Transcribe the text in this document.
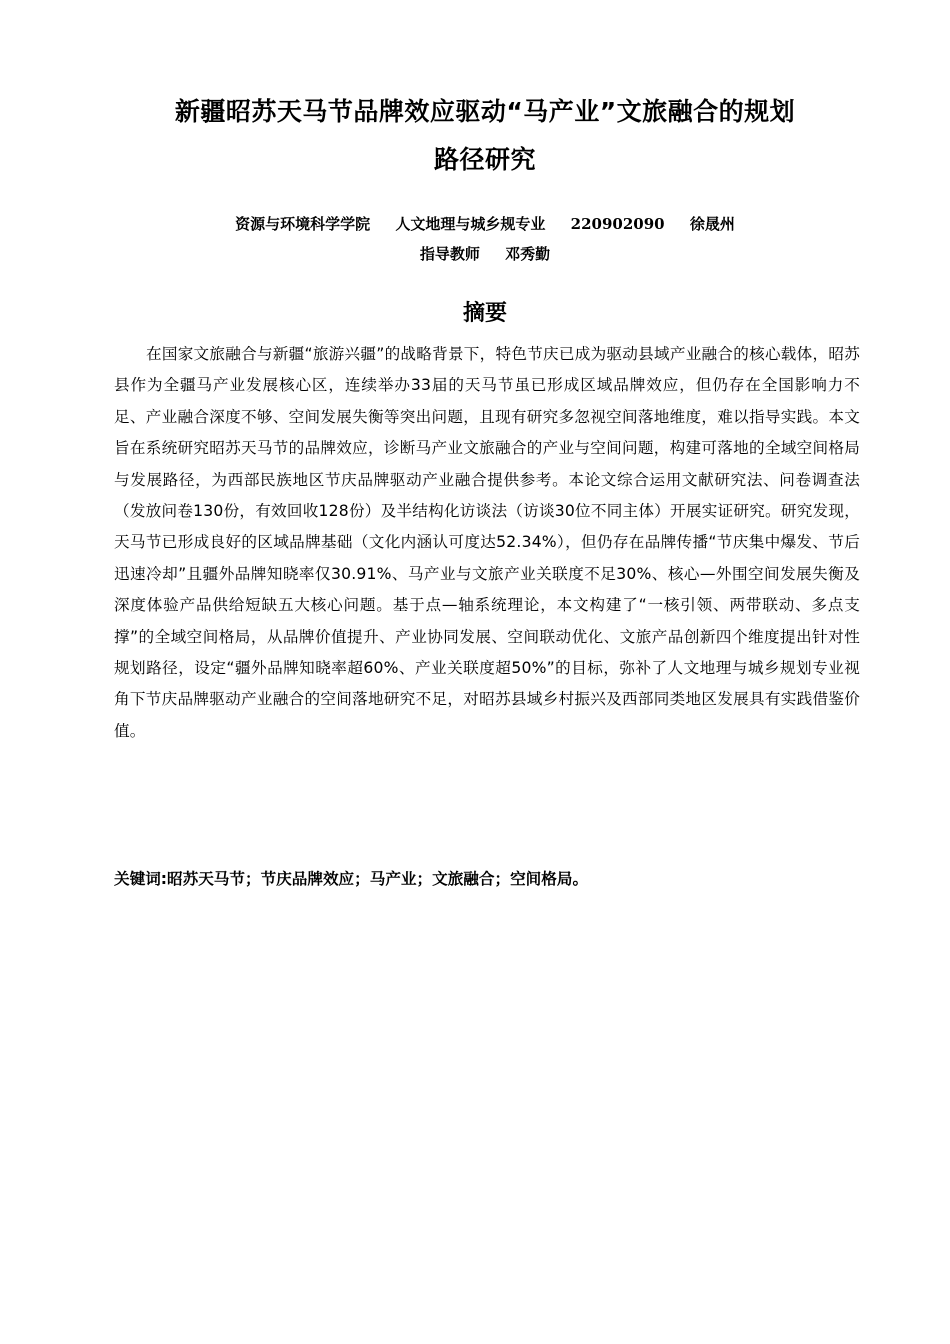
新疆昭苏天马节品牌效应驱动“马产业”文旅融合的规划
路径研究
资源与环境科学学院 人文地理与城乡规专业 220902090 徐晟州
指导教师 邓秀勤
摘要
在国家文旅融合与新疆“旅游兴疆”的战略背景下，特色节庆已成为驱动县域产业融合的核心载体，昭苏县作为全疆马产业发展核心区，连续举办33届的天马节虽已形成区域品牌效应，但仍存在全国影响力不足、产业融合深度不够、空间发展失衡等突出问题，且现有研究多忽视空间落地维度，难以指导实践。本文旨在系统研究昭苏天马节的品牌效应，诊断马产业文旅融合的产业与空间问题，构建可落地的全域空间格局与发展路径，为西部民族地区节庆品牌驱动产业融合提供参考。本论文综合运用文献研究法、问卷调查法（发放问卷130份，有效回收128份）及半结构化访谈法（访谈30位不同主体）开展实证研究。研究发现，天马节已形成良好的区域品牌基础（文化内涵认可度达52.34%），但仍存在品牌传播“节庆集中爆发、节后迅速冷却”且疆外品牌知晓率仅30.91%、马产业与文旅产业关联度不足30%、核心—外围空间发展失衡及深度体验产品供给短缺五大核心问题。基于点—轴系统理论，本文构建了“一核引领、两带联动、多点支撑”的全域空间格局，从品牌价值提升、产业协同发展、空间联动优化、文旅产品创新四个维度提出针对性规划路径，设定“疆外品牌知晓率超60%、产业关联度超50%”的目标，弥补了人文地理与城乡规划专业视角下节庆品牌驱动产业融合的空间落地研究不足，对昭苏县域乡村振兴及西部同类地区发展具有实践借鉴价值。
关键词:昭苏天马节；节庆品牌效应；马产业；文旅融合；空间格局。
